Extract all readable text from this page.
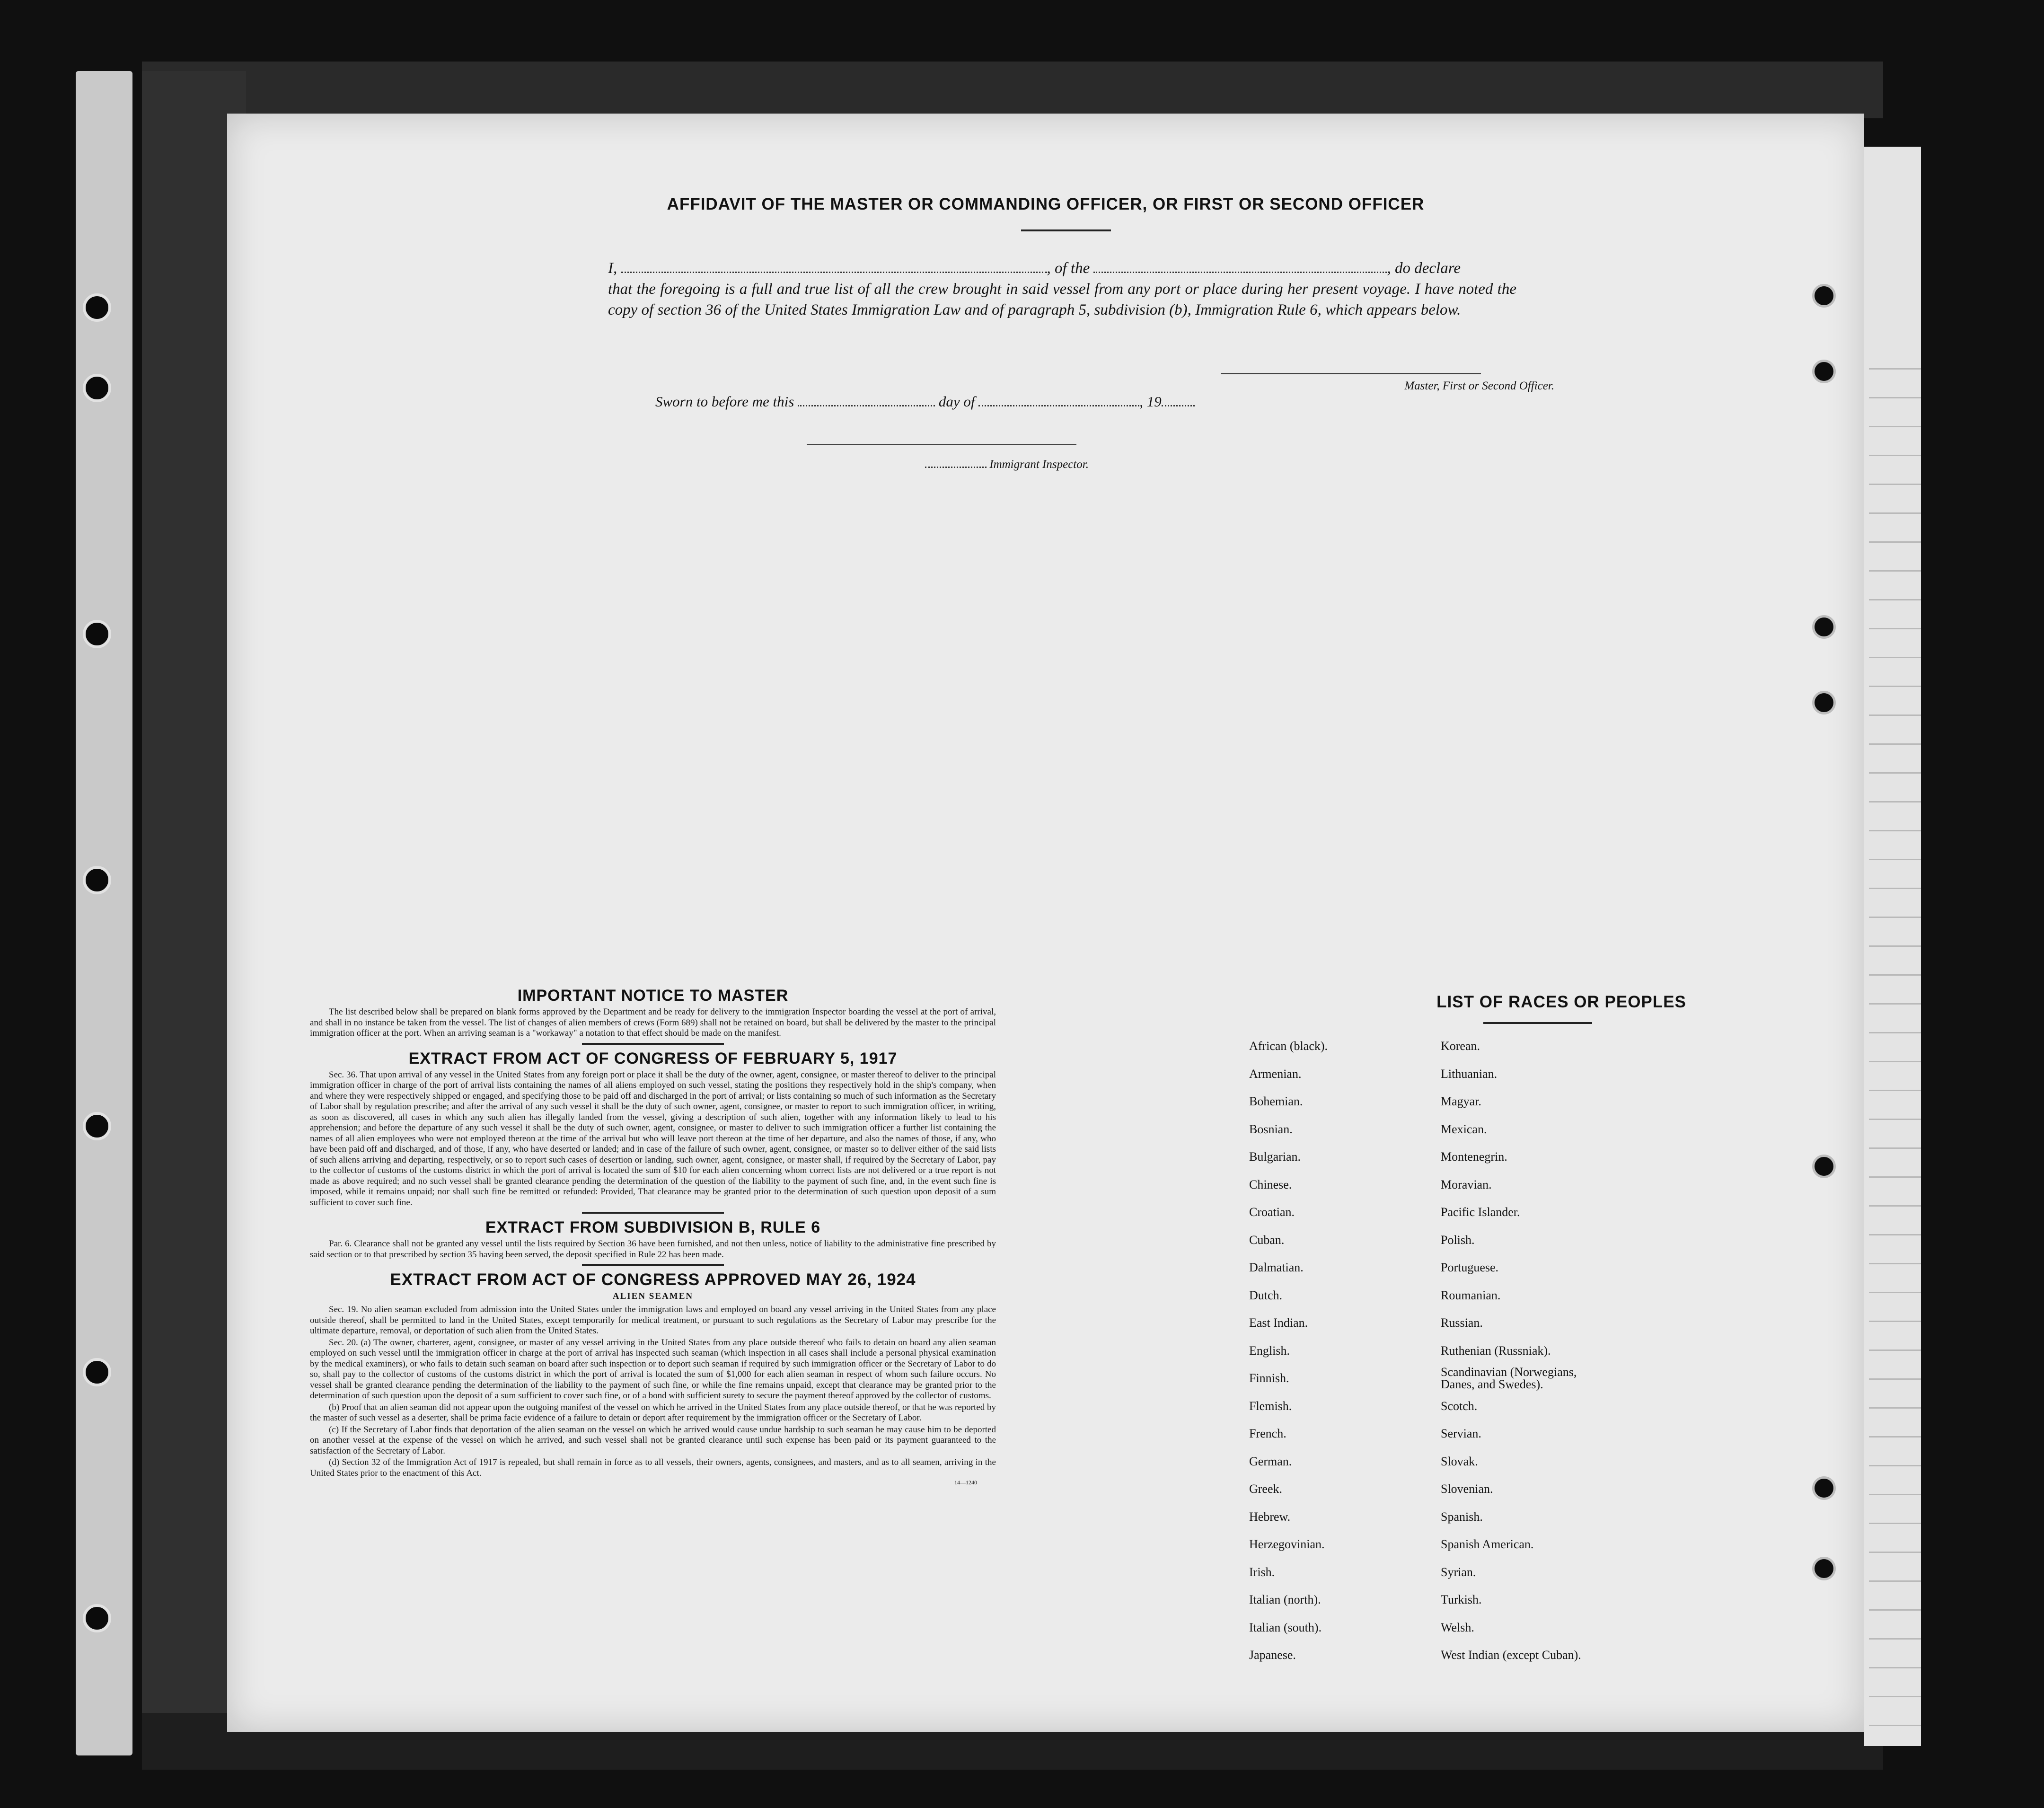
AFFIDAVIT OF THE MASTER OR COMMANDING OFFICER, OR FIRST OR SECOND OFFICER
I,	, of the	, do declare

that the foregoing is a full and true list of all the crew brought in said vessel from any port or place during her present voyage. I have noted the copy of section 36 of the United States Immigration Law and of paragraph 5, subdivision (b), Immigration Rule 6, which appears below.

Master, First or Second Officer.
Sworn to before me this	day of	, 19
Immigrant Inspector.
IMPORTANT NOTICE TO MASTER
The list described below shall be prepared on blank forms approved by the Department and be ready for delivery to the immigration Inspector boarding the vessel at the port of arrival, and shall in no instance be taken from the vessel. The list of changes of alien members of crews (Form 689) shall not be retained on board, but shall be delivered by the master to the principal immigration officer at the port. When an arriving seaman is a "workaway" a notation to that effect should be made on the manifest.
EXTRACT FROM ACT OF CONGRESS OF FEBRUARY 5, 1917
Sec. 36. That upon arrival of any vessel in the United States from any foreign port or place it shall be the duty of the owner, agent, consignee, or master thereof to deliver to the principal immigration officer in charge of the port of arrival lists containing the names of all aliens employed on such vessel, stating the positions they respectively hold in the ship's company, when and where they were respectively shipped or engaged, and specifying those to be paid off and discharged in the port of arrival; or lists containing so much of such information as the Secretary of Labor shall by regulation prescribe; and after the arrival of any such vessel it shall be the duty of such owner, agent, consignee, or master to report to such immigration officer, in writing, as soon as discovered, all cases in which any such alien has illegally landed from the vessel, giving a description of such alien, together with any information likely to lead to his apprehension; and before the departure of any such vessel it shall be the duty of such owner, agent, consignee, or master to deliver to such immigration officer a further list containing the names of all alien employees who were not employed thereon at the time of the arrival but who will leave port thereon at the time of her departure, and also the names of those, if any, who have been paid off and discharged, and of those, if any, who have deserted or landed; and in case of the failure of such owner, agent, consignee, or master so to deliver either of the said lists of such aliens arriving and departing, respectively, or so to report such cases of desertion or landing, such owner, agent, consignee, or master shall, if required by the Secretary of Labor, pay to the collector of customs of the customs district in which the port of arrival is located the sum of $10 for each alien concerning whom correct lists are not delivered or a true report is not made as above required; and no such vessel shall be granted clearance pending the determination of the question of the liability to the payment of such fine, and, in the event such fine is imposed, while it remains unpaid; nor shall such fine be remitted or refunded: Provided, That clearance may be granted prior to the determination of such question upon deposit of a sum sufficient to cover such fine.
EXTRACT FROM SUBDIVISION B, RULE 6
Par. 6. Clearance shall not be granted any vessel until the lists required by Section 36 have been furnished, and not then unless, notice of liability to the administrative fine prescribed by said section or to that prescribed by section 35 having been served, the deposit specified in Rule 22 has been made.
EXTRACT FROM ACT OF CONGRESS APPROVED MAY 26, 1924
ALIEN SEAMEN
Sec. 19. No alien seaman excluded from admission into the United States under the immigration laws and employed on board any vessel arriving in the United States from any place outside thereof, shall be permitted to land in the United States, except temporarily for medical treatment, or pursuant to such regulations as the Secretary of Labor may prescribe for the ultimate departure, removal, or deportation of such alien from the United States.
Sec. 20. (a) The owner, charterer, agent, consignee, or master of any vessel arriving in the United States from any place outside thereof who fails to detain on board any alien seaman employed on such vessel until the immigration officer in charge at the port of arrival has inspected such seaman (which inspection in all cases shall include a personal physical examination by the medical examiners), or who fails to detain such seaman on board after such inspection or to deport such seaman if required by such immigration officer or the Secretary of Labor to do so, shall pay to the collector of customs of the customs district in which the port of arrival is located the sum of $1,000 for each alien seaman in respect of whom such failure occurs. No vessel shall be granted clearance pending the determination of the liability to the payment of such fine, or while the fine remains unpaid, except that clearance may be granted prior to the determination of such question upon the deposit of a sum sufficient to cover such fine, or of a bond with sufficient surety to secure the payment thereof approved by the collector of customs.
(b) Proof that an alien seaman did not appear upon the outgoing manifest of the vessel on which he arrived in the United States from any place outside thereof, or that he was reported by the master of such vessel as a deserter, shall be prima facie evidence of a failure to detain or deport after requirement by the immigration officer or the Secretary of Labor.
(c) If the Secretary of Labor finds that deportation of the alien seaman on the vessel on which he arrived would cause undue hardship to such seaman he may cause him to be deported on another vessel at the expense of the vessel on which he arrived, and such vessel shall not be granted clearance until such expense has been paid or its payment guaranteed to the satisfaction of the Secretary of Labor.
(d) Section 32 of the Immigration Act of 1917 is repealed, but shall remain in force as to all vessels, their owners, agents, consignees, and masters, and as to all seamen, arriving in the United States prior to the enactment of this Act.
14—1240
LIST OF RACES OR PEOPLES
African (black).
Armenian.
Bohemian.
Bosnian.
Bulgarian.
Chinese.
Croatian.
Cuban.
Dalmatian.
Dutch.
East Indian.
English.
Finnish.
Flemish.
French.
German.
Greek.
Hebrew.
Herzegovinian.
Irish.
Italian (north).
Italian (south).
Japanese.
Korean.
Lithuanian.
Magyar.
Mexican.
Montenegrin.
Moravian.
Pacific Islander.
Polish.
Portuguese.
Roumanian.
Russian.
Ruthenian (Russniak).
Scandinavian (Norwegians, Danes, and Swedes).
Scotch.
Servian.
Slovak.
Slovenian.
Spanish.
Spanish American.
Syrian.
Turkish.
Welsh.
West Indian (except Cuban).
